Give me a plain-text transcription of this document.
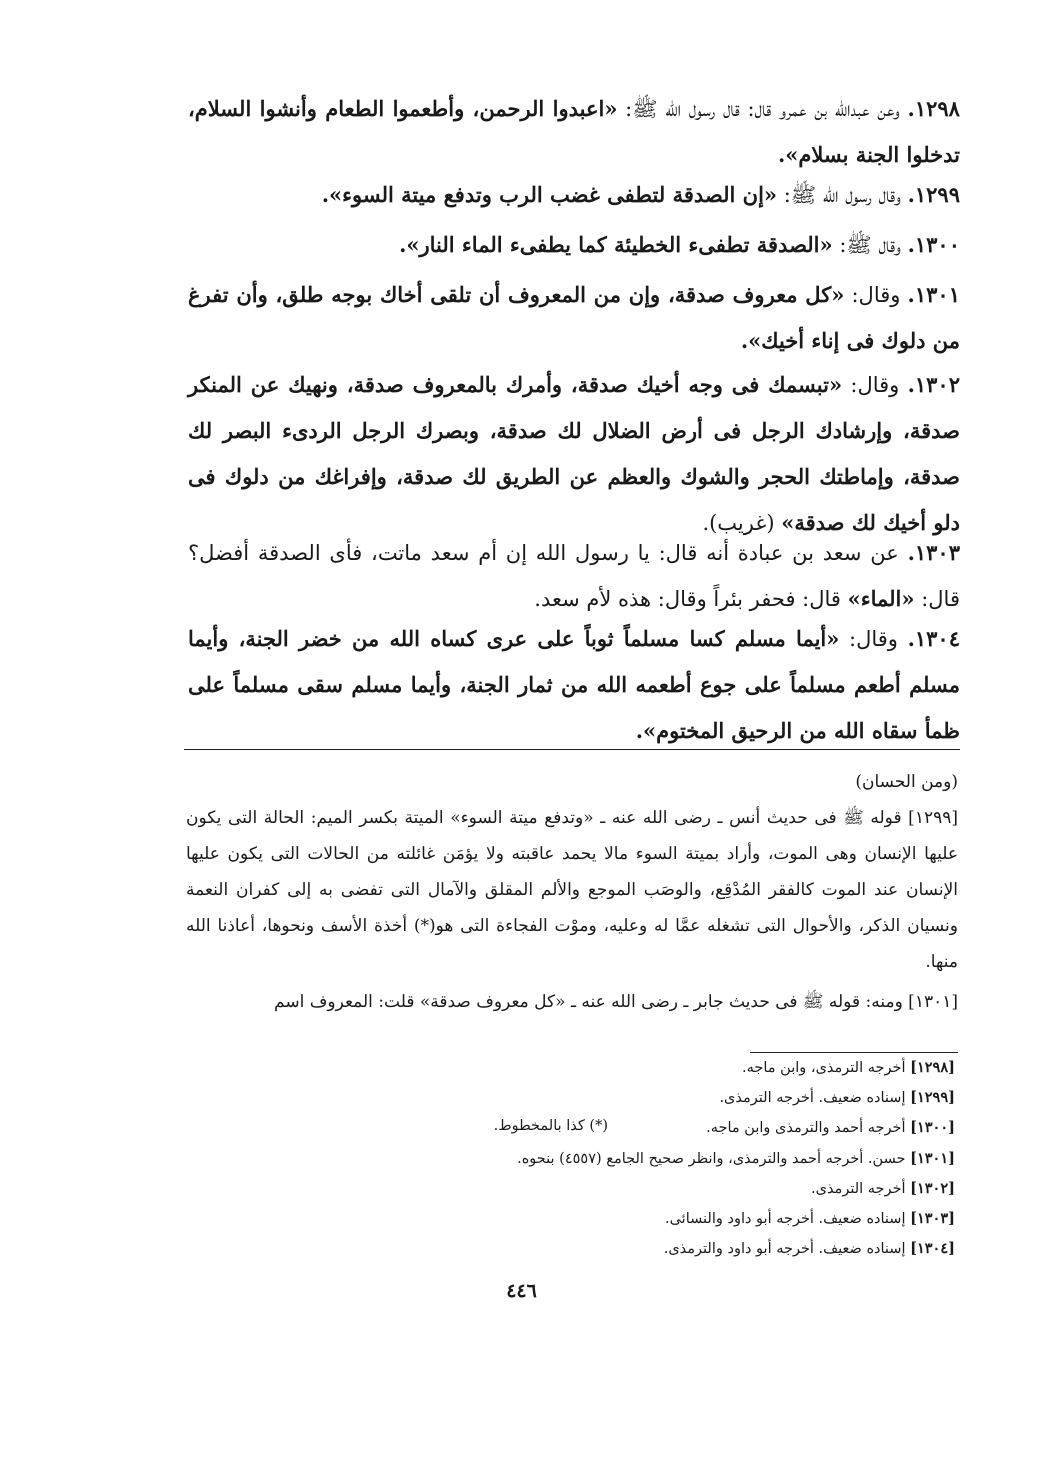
١٢٩٨. وعن عبدالله بن عمرو قال: قال رسول الله ﷺ: «اعبدوا الرحمن، وأطعموا الطعام وأنشوا السلام، تدخلوا الجنة بسلام».

١٢٩٩. وقال رسول الله ﷺ: «إن الصدقة لتطفى غضب الرب وتدفع ميتة السوء».

١٣٠٠. وقال ﷺ: «الصدقة تطفىء الخطيئة كما يطفىء الماء النار».

١٣٠١. وقال: «كل معروف صدقة، وإن من المعروف أن تلقى أخاك بوجه طلق، وأن تفرغ من دلوك فى إناء أخيك».

١٣٠٢. وقال: «تبسمك فى وجه أخيك صدقة، وأمرك بالمعروف صدقة، ونهيك عن المنكر صدقة، وإرشادك الرجل فى أرض الضلال لك صدقة، وبصرك الرجل الردىء البصر لك صدقة، وإماطتك الحجر والشوك والعظم عن الطريق لك صدقة، وإفراغك من دلوك فى دلو أخيك لك صدقة» (غريب).

١٣٠٣. عن سعد بن عبادة أنه قال: يا رسول الله إن أم سعد ماتت، فأى الصدقة أفضل؟ قال: «الماء» قال: فحفر بئراً وقال: هذه لأم سعد.

١٣٠٤. وقال: «أيما مسلم كسا مسلماً ثوباً على عرى كساه الله من خضر الجنة، وأيما مسلم أطعم مسلماً على جوع أطعمه الله من ثمار الجنة، وأيما مسلم سقى مسلماً على ظمأ سقاه الله من الرحيق المختوم».

(ومن الحسان)
[١٢٩٩] قوله ﷺ فى حديث أنس ـ رضى الله عنه ـ «وتدفع ميتة السوء» الميتة بكسر الميم: الحالة التى يكون عليها الإنسان وهى الموت، وأراد بميتة السوء مالا يحمد عاقبته ولا يؤمَن غائلته من الحالات التى يكون عليها الإنسان عند الموت كالفقر المُدْقِع، والوصَب الموجع والألم المقلق والآمال التى تفضى به إلى كفران النعمة ونسيان الذكر، والأحوال التى تشغله عمَّا له وعليه، وموْت الفجاءة التى هو(*) أخذة الأسف ونحوها، أعاذنا الله منها.
[١٣٠١] ومنه: قوله ﷺ فى حديث جابر ـ رضى الله عنه ـ «كل معروف صدقة» قلت: المعروف اسم
[١٢٩٨] أخرجه الترمذى، وابن ماجه.
[١٢٩٩] إسناده ضعيف. أخرجه الترمذى.
[١٣٠٠] أخرجه أحمد والترمذى وابن ماجه.
(*) كذا بالمخطوط.
[١٣٠١] حسن. أخرجه أحمد والترمذى، وانظر صحيح الجامع (٤٥٥٧) بنحوه.
[١٣٠٢] أخرجه الترمذى.
[١٣٠٣] إسناده ضعيف. أخرجه أبو داود والنسائى.
[١٣٠٤] إسناده ضعيف. أخرجه أبو داود والترمذى.
٤٤٦
